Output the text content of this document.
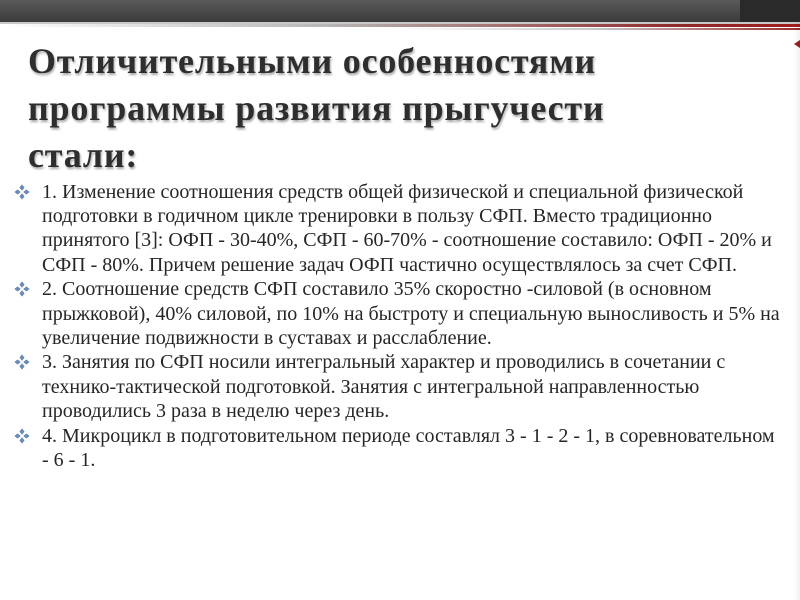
Отличительными особенностями программы развития прыгучести стали:
1. Изменение соотношения средств общей физической и специальной физической подготовки в годичном цикле тренировки в пользу СФП. Вместо традиционно принятого [3]: ОФП - 30-40%, СФП - 60-70% - соотношение составило: ОФП - 20% и СФП - 80%. Причем решение задач ОФП частично осуществлялось за счет СФП.
2. Соотношение средств СФП составило 35% скоростно -силовой (в основном прыжковой), 40% силовой, по 10% на быстроту и специальную выносливость и 5% на увеличение подвижности в суставах и расслабление.
3. Занятия по СФП носили интегральный характер и проводились в сочетании с технико-тактической подготовкой. Занятия с интегральной направленностью проводились 3 раза в неделю через день.
4. Микроцикл в подготовительном периоде составлял 3 - 1 - 2 - 1, в соревновательном - 6 - 1.
